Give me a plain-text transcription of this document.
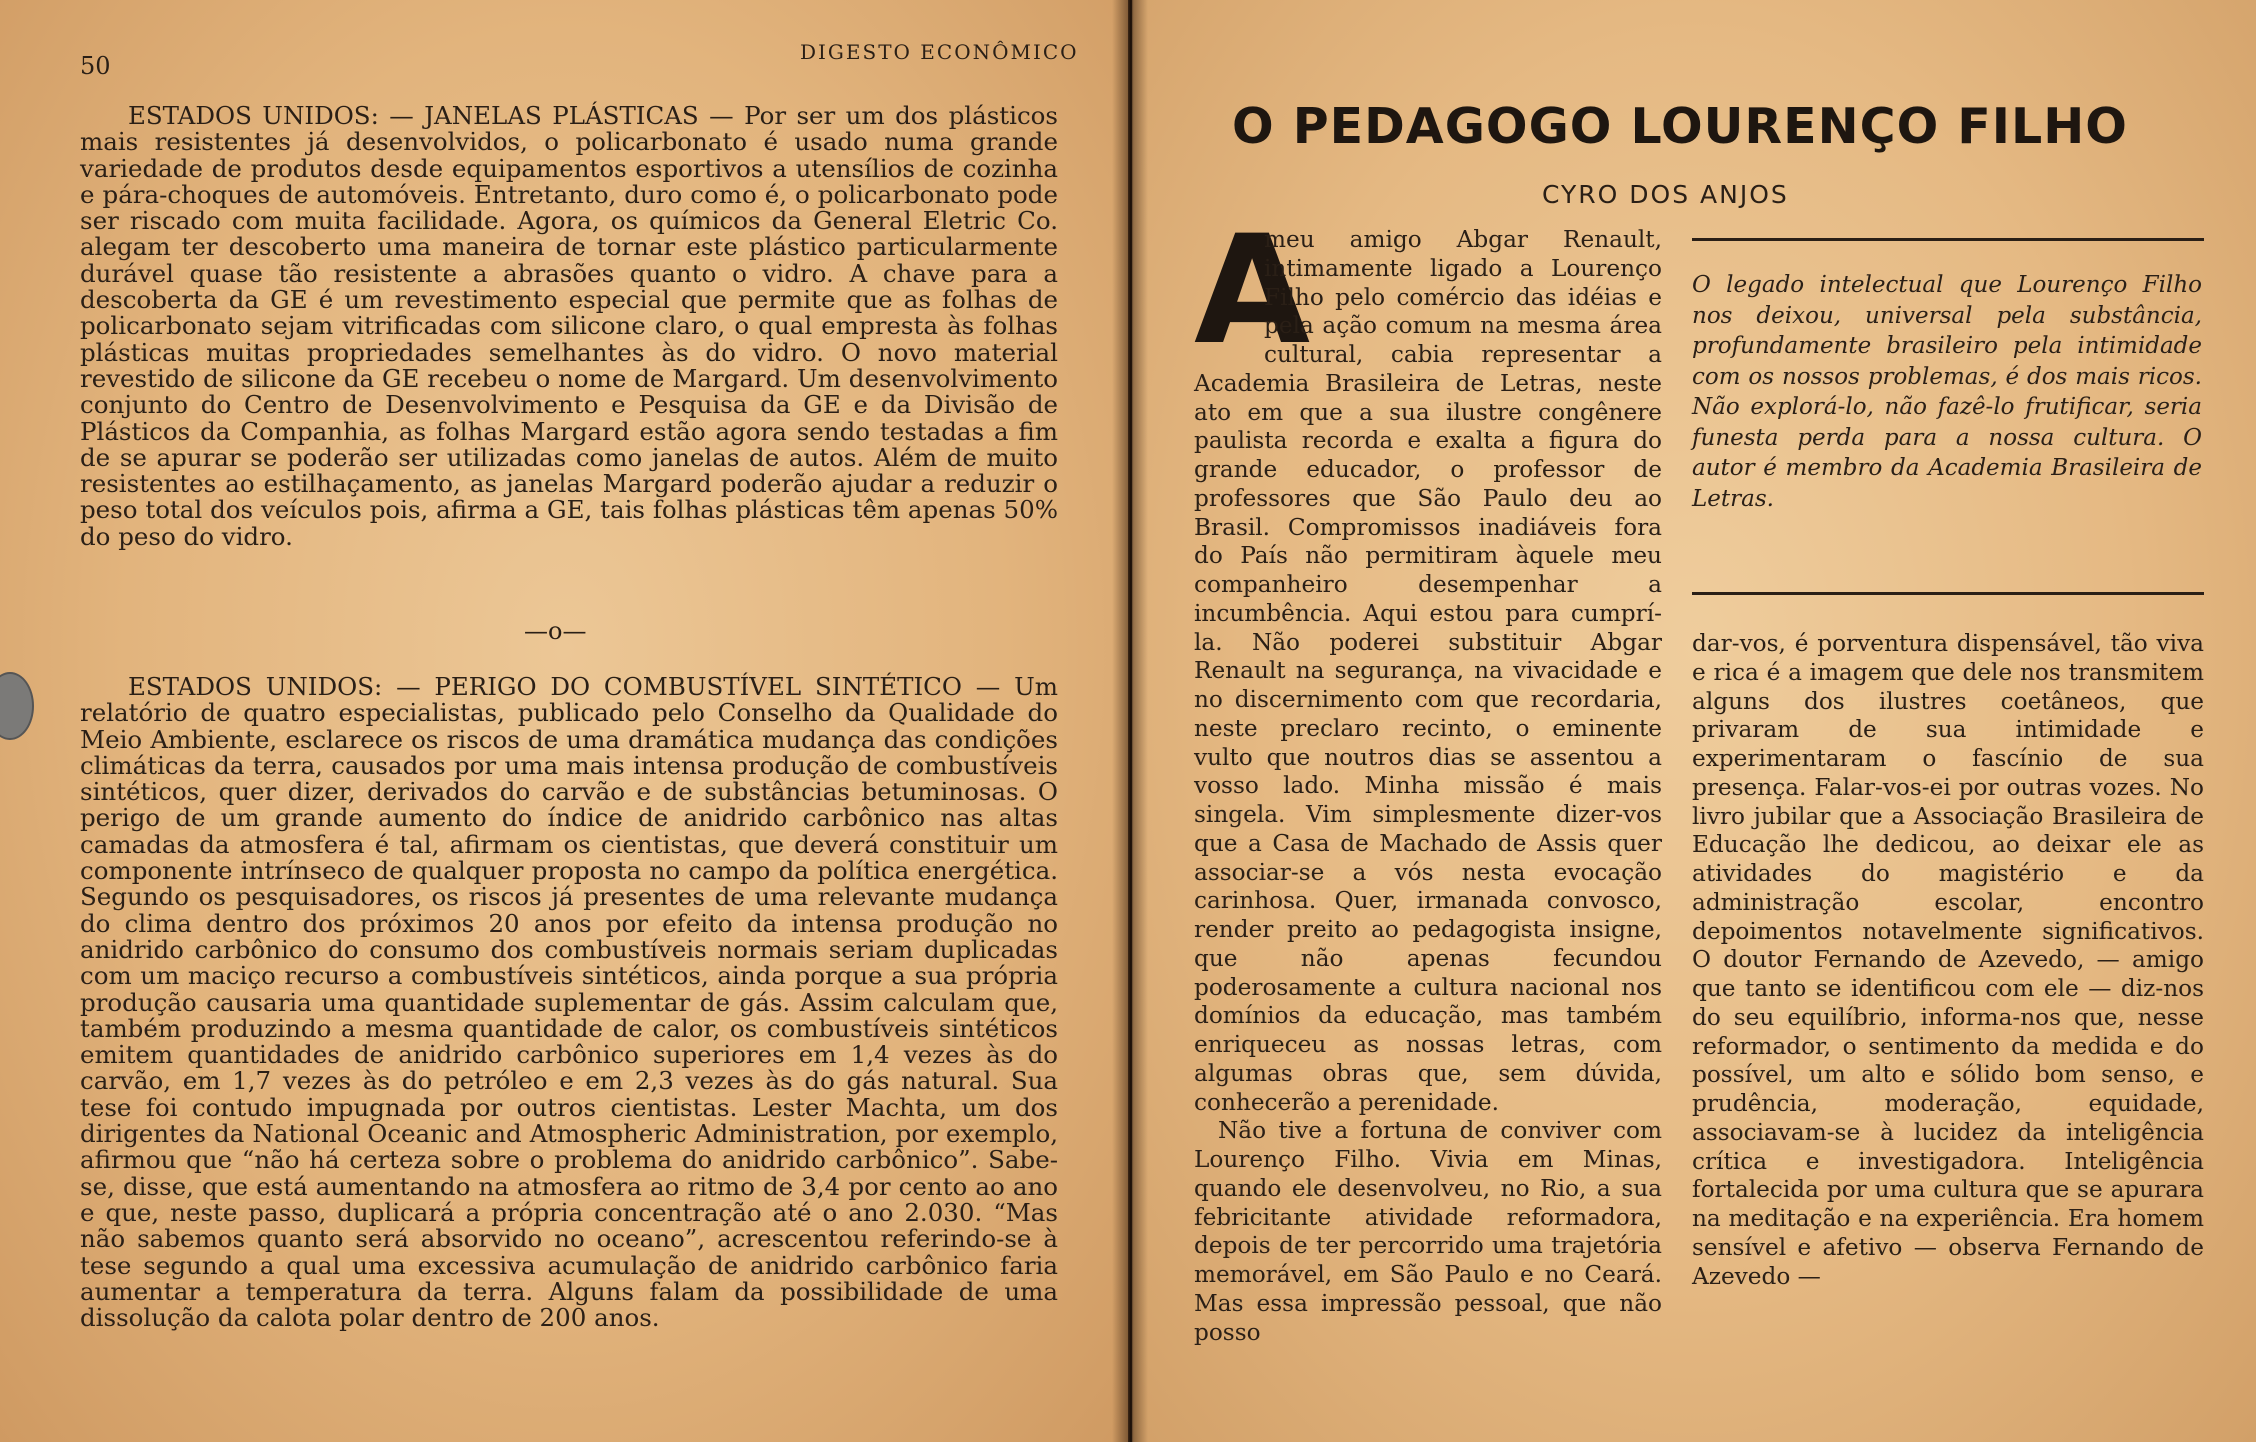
50	DIGESTO ECONÔMICO

ESTADOS UNIDOS: — JANELAS PLÁSTICAS — Por ser um dos plásticos mais resistentes já desenvolvidos, o policarbonato é usado numa grande variedade de produtos desde equipamentos esportivos a utensílios de cozinha e pára-choques de automóveis. Entretanto, duro como é, o policarbonato pode ser riscado com muita facilidade. Agora, os químicos da General Eletric Co. alegam ter descoberto uma maneira de tornar este plástico particularmente durável quase tão resistente a abrasões quanto o vidro. A chave para a descoberta da GE é um revestimento especial que permite que as folhas de policarbonato sejam vitrificadas com silicone claro, o qual empresta às folhas plásticas muitas propriedades semelhantes às do vidro. O novo material revestido de silicone da GE recebeu o nome de Margard. Um desenvolvimento conjunto do Centro de Desenvolvimento e Pesquisa da GE e da Divisão de Plásticos da Companhia, as folhas Margard estão agora sendo testadas a fim de se apurar se poderão ser utilizadas como janelas de autos. Além de muito resistentes ao estilhaçamento, as janelas Margard poderão ajudar a reduzir o peso total dos veículos pois, afirma a GE, tais folhas plásticas têm apenas 50% do peso do vidro.

—o—

ESTADOS UNIDOS: — PERIGO DO COMBUSTÍVEL SINTÉTICO — Um relatório de quatro especialistas, publicado pelo Conselho da Qualidade do Meio Ambiente, esclarece os riscos de uma dramática mudança das condições climáticas da terra, causados por uma mais intensa produção de combustíveis sintéticos, quer dizer, derivados do carvão e de substâncias betuminosas. O perigo de um grande aumento do índice de anidrido carbônico nas altas camadas da atmosfera é tal, afirmam os cientistas, que deverá constituir um componente intrínseco de qualquer proposta no campo da política energética. Segundo os pesquisadores, os riscos já presentes de uma relevante mudança do clima dentro dos próximos 20 anos por efeito da intensa produção no anidrido carbônico do consumo dos combustíveis normais seriam duplicadas com um maciço recurso a combustíveis sintéticos, ainda porque a sua própria produção causaria uma quantidade suplementar de gás. Assim calculam que, também produzindo a mesma quantidade de calor, os combustíveis sintéticos emitem quantidades de anidrido carbônico superiores em 1,4 vezes às do carvão, em 1,7 vezes às do petróleo e em 2,3 vezes às do gás natural. Sua tese foi contudo impugnada por outros cientistas. Lester Machta, um dos dirigentes da National Oceanic and Atmospheric Administration, por exemplo, afirmou que “não há certeza sobre o problema do anidrido carbônico”. Sabe-se, disse, que está aumentando na atmosfera ao ritmo de 3,4 por cento ao ano e que, neste passo, duplicará a própria concentração até o ano 2.030. “Mas não sabemos quanto será absorvido no oceano”, acrescentou referindo-se à tese segundo a qual uma excessiva acumulação de anidrido carbônico faria aumentar a temperatura da terra. Alguns falam da possibilidade de uma dissolução da calota polar dentro de 200 anos.

O PEDAGOGO LOURENÇO FILHO
CYRO DOS ANJOS

O legado intelectual que Lourenço Filho nos deixou, universal pela substância, profundamente brasileiro pela intimidade com os nossos problemas, é dos mais ricos. Não explorá-lo, não fazê-lo frutificar, seria funesta perda para a nossa cultura. O autor é membro da Academia Brasileira de Letras.

A

meu amigo Abgar Renault, intimamente ligado a Lourenço Filho pelo comércio das idéias e pela ação comum na mesma área cultural, cabia representar a Academia Brasileira de Letras, neste ato em que a sua ilustre congênere paulista recorda e exalta a figura do grande educador, o professor de professores que São Paulo deu ao Brasil. Compromissos inadiáveis fora do País não permitiram àquele meu companheiro desempenhar a incumbência. Aqui estou para cumprí-la. Não poderei substituir Abgar Renault na segurança, na vivacidade e no discernimento com que recordaria, neste preclaro recinto, o eminente vulto que noutros dias se assentou a vosso lado. Minha missão é mais singela. Vim simplesmente dizer-vos que a Casa de Machado de Assis quer associar-se a vós nesta evocação carinhosa. Quer, irmanada convosco, render preito ao pedagogista insigne, que não apenas fecundou poderosamente a cultura nacional nos domínios da educação, mas também enriqueceu as nossas letras, com algumas obras que, sem dúvida, conhecerão a perenidade.

Não tive a fortuna de conviver com Lourenço Filho. Vivia em Minas, quando ele desenvolveu, no Rio, a sua febricitante atividade reformadora, depois de ter percorrido uma trajetória memorável, em São Paulo e no Ceará. Mas essa impressão pessoal, que não posso

dar-vos, é porventura dispensável, tão viva e rica é a imagem que dele nos transmitem alguns dos ilustres coetâneos, que privaram de sua intimidade e experimentaram o fascínio de sua presença. Falar-vos-ei por outras vozes. No livro jubilar que a Associação Brasileira de Educação lhe dedicou, ao deixar ele as atividades do magistério e da administração escolar, encontro depoimentos notavelmente significativos. O doutor Fernando de Azevedo, — amigo que tanto se identificou com ele — diz-nos do seu equilíbrio, informa-nos que, nesse reformador, o sentimento da medida e do possível, um alto e sólido bom senso, e prudência, moderação, equidade, associavam-se à lucidez da inteligência crítica e investigadora. Inteligência fortalecida por uma cultura que se apurara na meditação e na experiência. Era homem sensível e afetivo — observa Fernando de Azevedo —
